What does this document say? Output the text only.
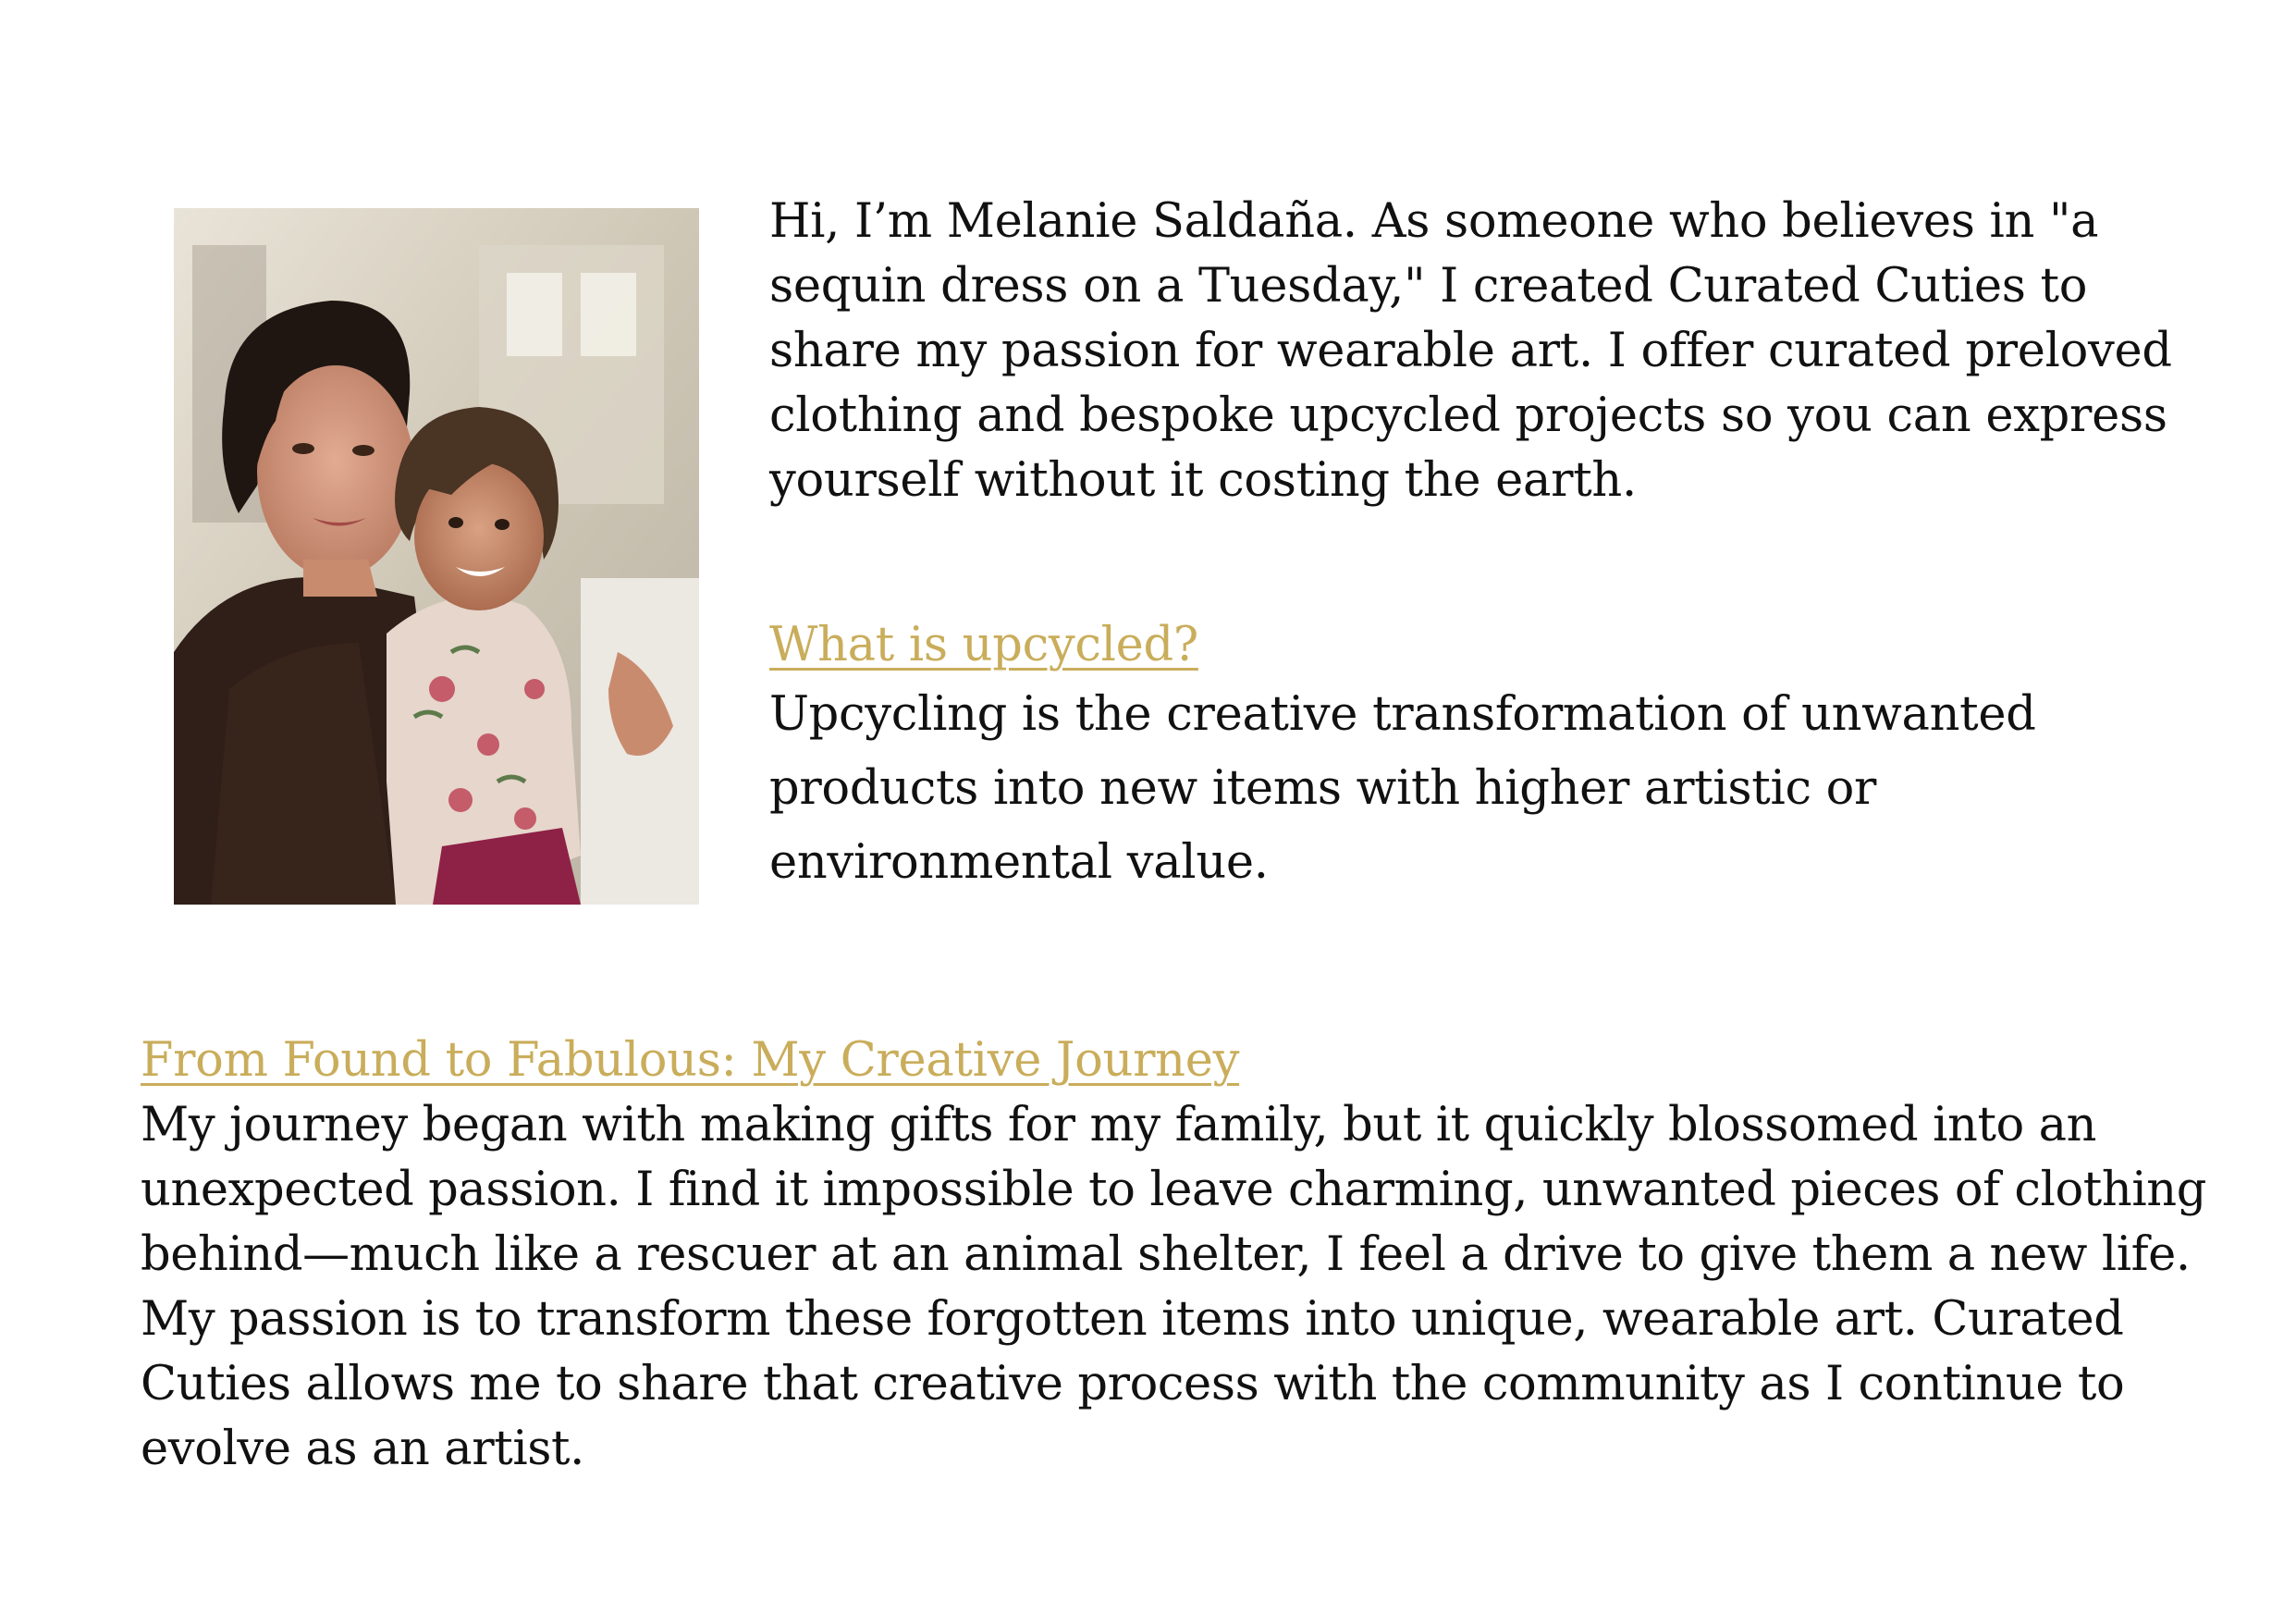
Hi, I’m Melanie Saldaña. As someone who believes in "a sequin dress on a Tuesday," I created Curated Cuties to share my passion for wearable art. I offer curated preloved clothing and bespoke upcycled projects so you can express yourself without it costing the earth.

What is upcycled?

Upcycling is the creative transformation of unwanted products into new items with higher artistic or environmental value.

From Found to Fabulous: My Creative Journey

My journey began with making gifts for my family, but it quickly blossomed into an unexpected passion. I find it impossible to leave charming, unwanted pieces of clothing behind—much like a rescuer at an animal shelter, I feel a drive to give them a new life. My passion is to transform these forgotten items into unique, wearable art. Curated Cuties allows me to share that creative process with the community as I continue to evolve as an artist.
